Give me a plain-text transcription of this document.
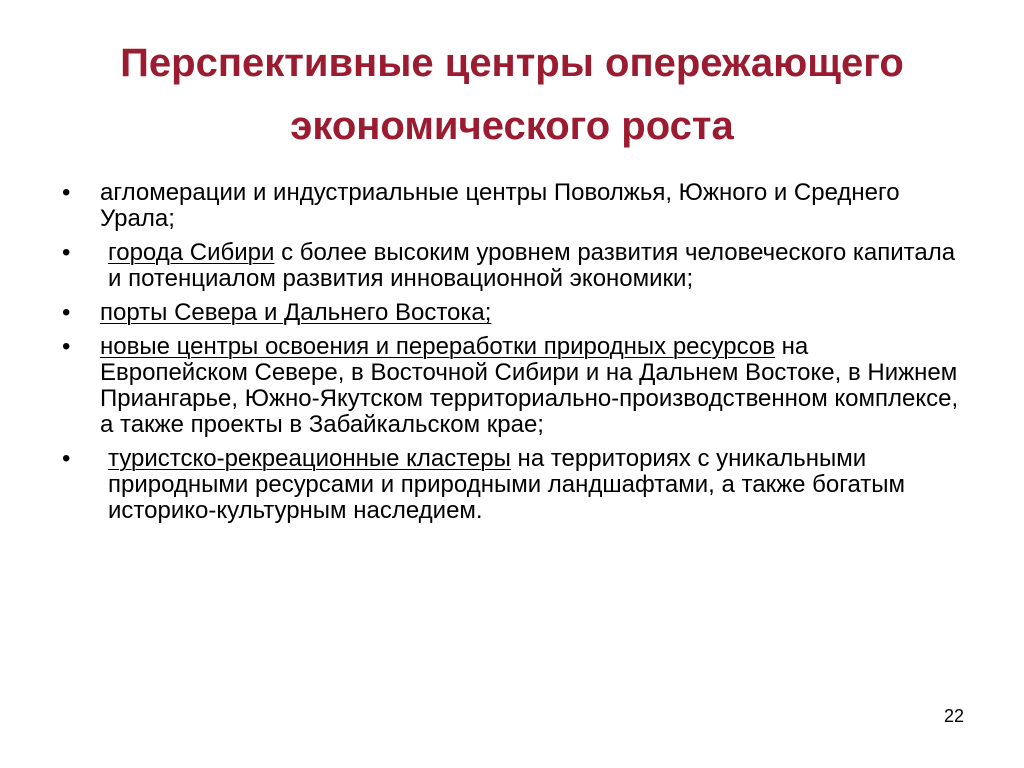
Перспективные центры опережающего
экономического роста
•	агломерации и индустриальные центры Поволжья, Южного и Среднего Урала;
•	города Сибири с более высоким уровнем развития человеческого капитала и потенциалом развития инновационной экономики;
•	порты Севера и Дальнего Востока;
•	новые центры освоения и переработки природных ресурсов на Европейском Севере, в Восточной Сибири и на Дальнем Востоке, в Нижнем Приангарье, Южно-Якутском территориально-производственном комплексе, а также проекты в Забайкальском крае;
•	туристско-рекреационные кластеры на территориях с уникальными природными ресурсами и природными ландшафтами, а также богатым историко-культурным наследием.
22
